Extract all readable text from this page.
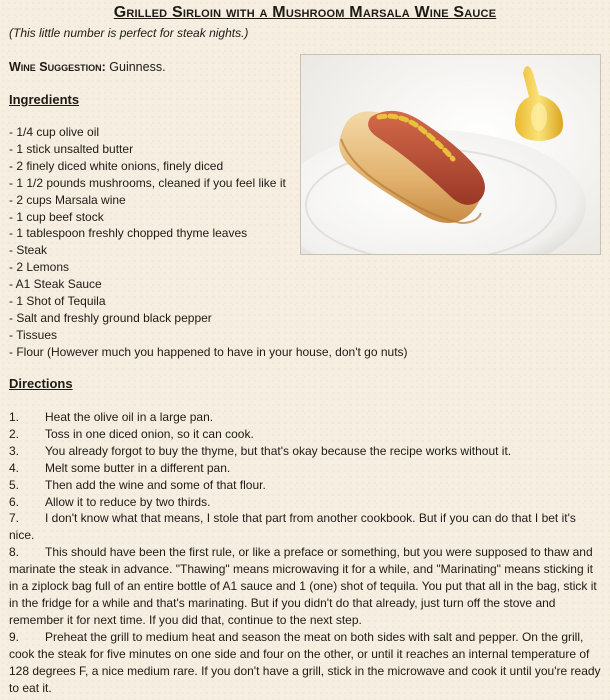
Grilled Sirloin with a Mushroom Marsala Wine Sauce

(This little number is perfect for steak nights.)

Wine Suggestion: Guinness.

Ingredients
- 1/4 cup olive oil
- 1 stick unsalted butter
- 2 finely diced white onions, finely diced
- 1 1/2 pounds mushrooms, cleaned if you feel like it
- 2 cups Marsala wine
- 1 cup beef stock
- 1 tablespoon freshly chopped thyme leaves
- Steak
- 2 Lemons
- A1 Steak Sauce
- 1 Shot of Tequila
- Salt and freshly ground black pepper
- Tissues
- Flour (However much you happened to have in your house, don't go nuts)
Directions
1. Heat the olive oil in a large pan.
2. Toss in one diced onion, so it can cook.
3. You already forgot to buy the thyme, but that's okay because the recipe works without it.
4. Melt some butter in a different pan.
5. Then add the wine and some of that flour.
6. Allow it to reduce by two thirds.
7. I don't know what that means, I stole that part from another cookbook. But if you can do that I bet it's nice.
8. This should have been the first rule, or like a preface or something, but you were supposed to thaw and marinate the steak in advance. "Thawing" means microwaving it for a while, and "Marinating" means sticking it in a ziplock bag full of an entire bottle of A1 sauce and 1 (one) shot of tequila. You put that all in the bag, stick it in the fridge for a while and that's marinating. But if you didn't do that already, just turn off the stove and remember it for next time. If you did that, continue to the next step.
9. Preheat the grill to medium heat and season the meat on both sides with salt and pepper. On the grill, cook the steak for five minutes on one side and four on the other, or until it reaches an internal temperature of 128 degrees F, a nice medium rare. If you don't have a grill, stick in the microwave and cook it until you're ready to eat it.
